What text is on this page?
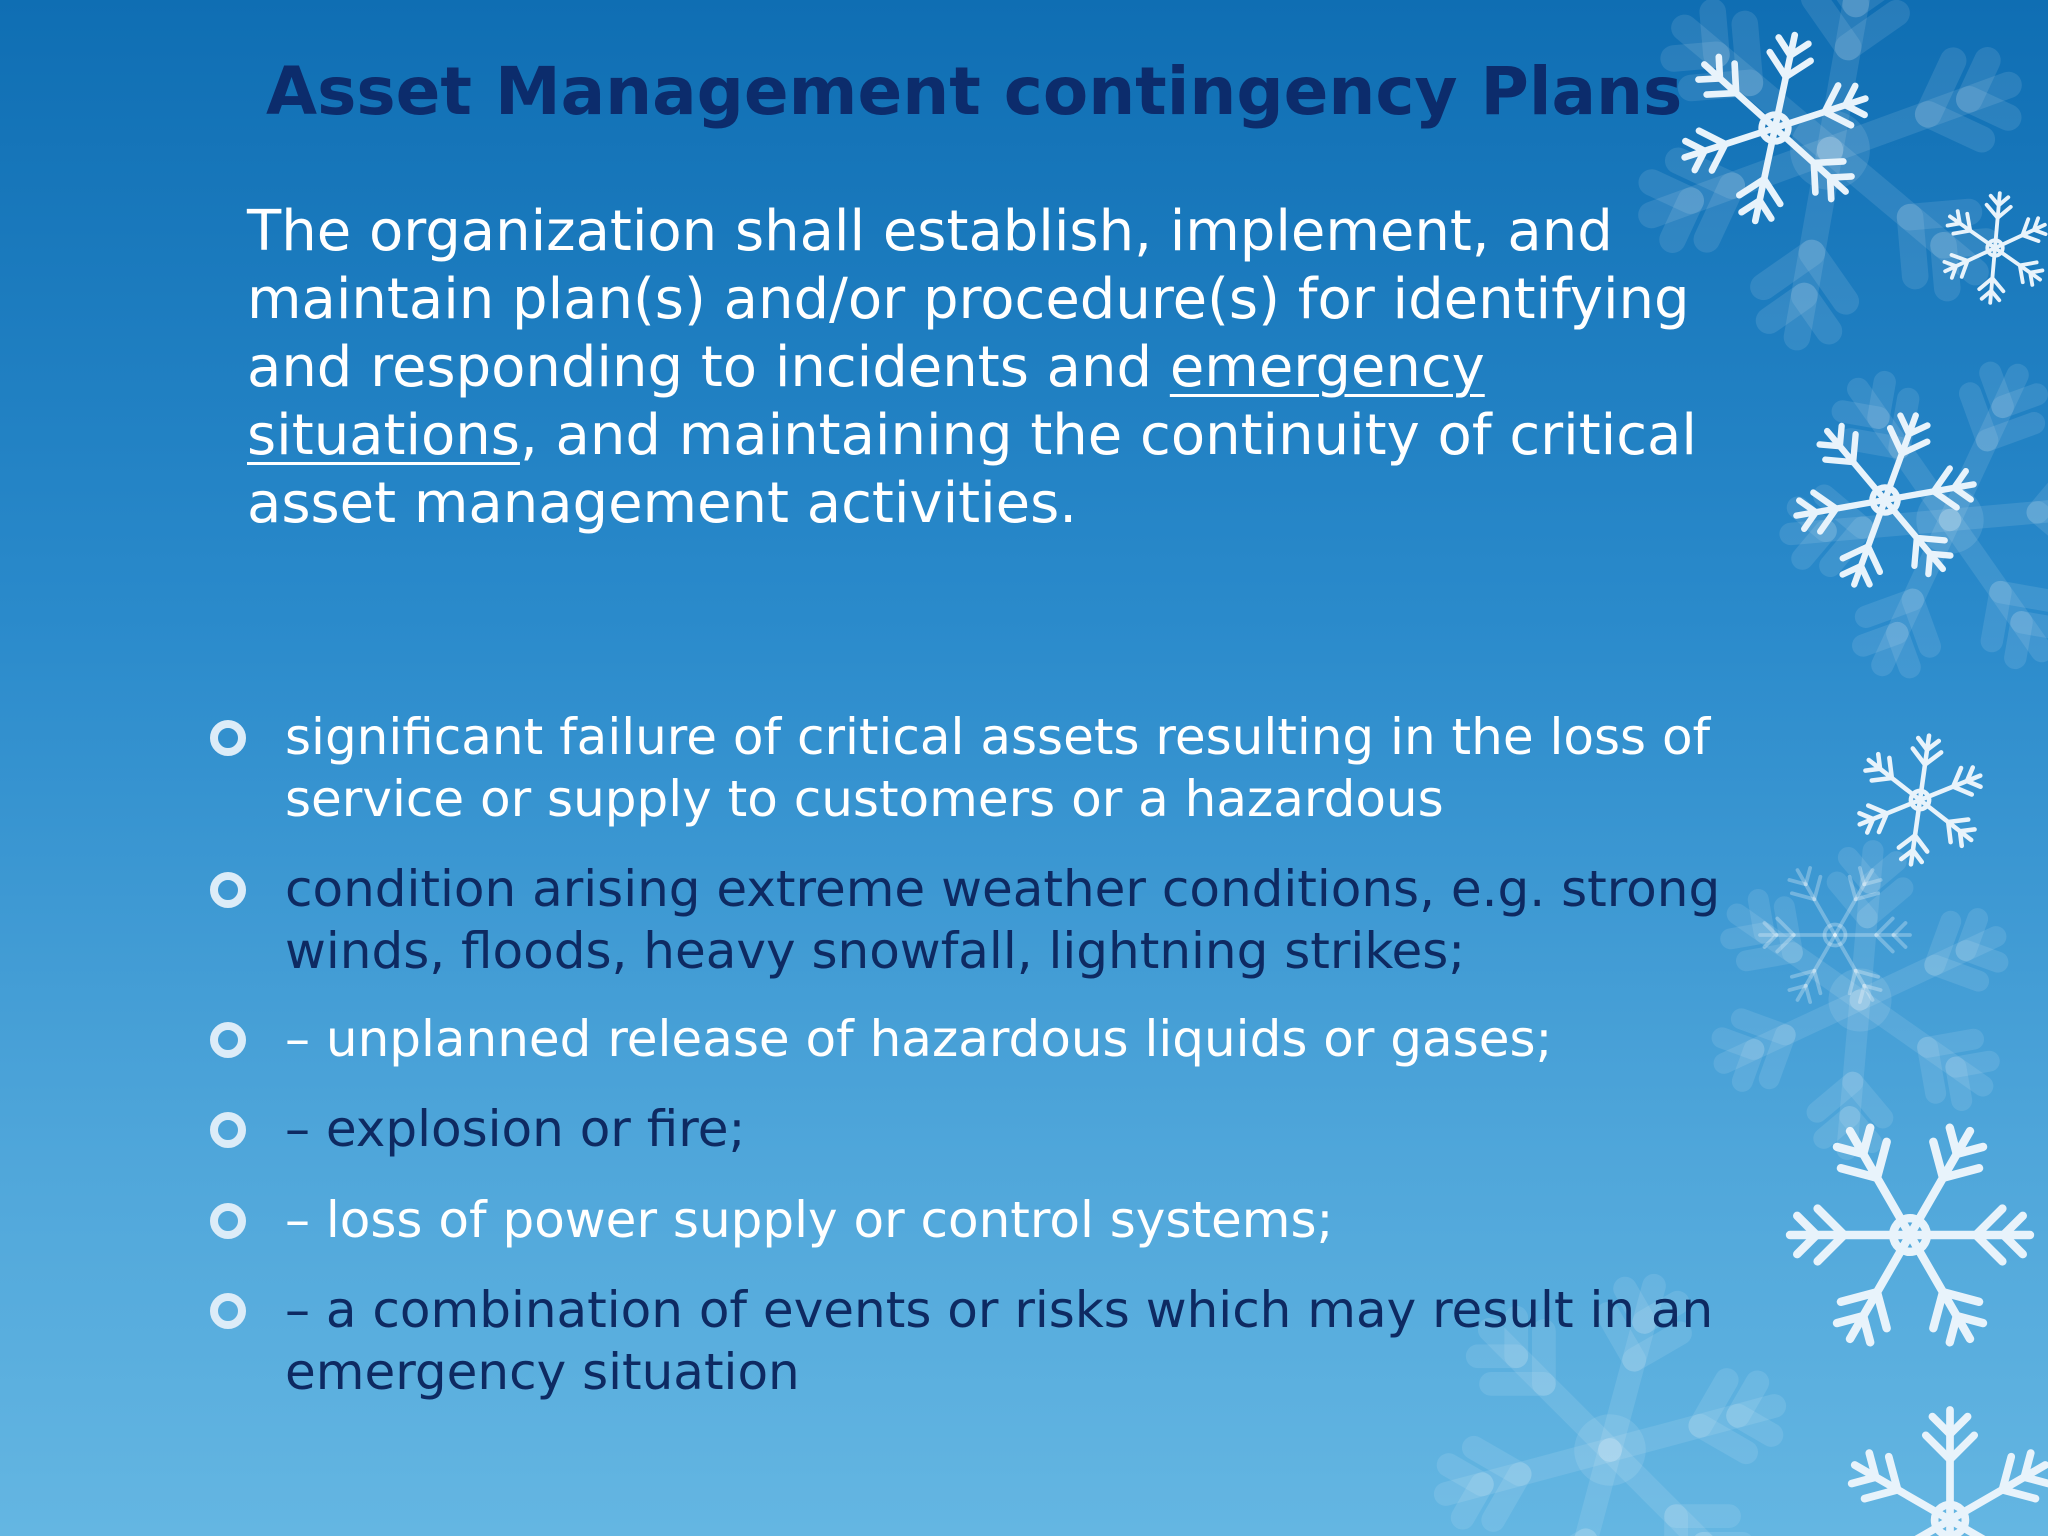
Asset Management contingency Plans

The organization shall establish, implement, and maintain plan(s) and/or procedure(s) for identifying and responding to incidents and emergency situations, and maintaining the continuity of critical asset management activities.

significant failure of critical assets resulting in the loss of service or supply to customers or a hazardous

condition arising extreme weather conditions, e.g. strong winds, floods, heavy snowfall, lightning strikes;

– unplanned release of hazardous liquids or gases;

– explosion or fire;

– loss of power supply or control systems;

– a combination of events or risks which may result in an emergency situation
